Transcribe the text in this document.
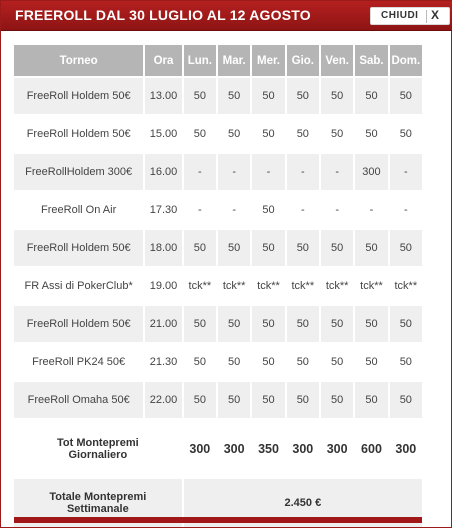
FREEROLL DAL 30 LUGLIO AL 12 AGOSTO	CHIUDI X
Torneo	Ora	Lun.	Mar.	Mer.	Gio.	Ven.	Sab.	Dom.
FreeRoll Holdem 50€	13.00	50	50	50	50	50	50	50
FreeRoll Holdem 50€	15.00	50	50	50	50	50	50	50
FreeRollHoldem 300€	16.00	-	-	-	-	-	300	-
FreeRoll On Air	17.30	-	-	50	-	-	-	-
FreeRoll Holdem 50€	18.00	50	50	50	50	50	50	50
FR Assi di PokerClub*	19.00	tck**	tck**	tck**	tck**	tck**	tck**	tck**
FreeRoll Holdem 50€	21.00	50	50	50	50	50	50	50
FreeRoll PK24 50€	21.30	50	50	50	50	50	50	50
FreeRoll Omaha 50€	22.00	50	50	50	50	50	50	50

Tot Montepremi
Giornaliero		300	300	350	300	300	600	300

Totale Montepremi
Settimanale		2.450 €						
